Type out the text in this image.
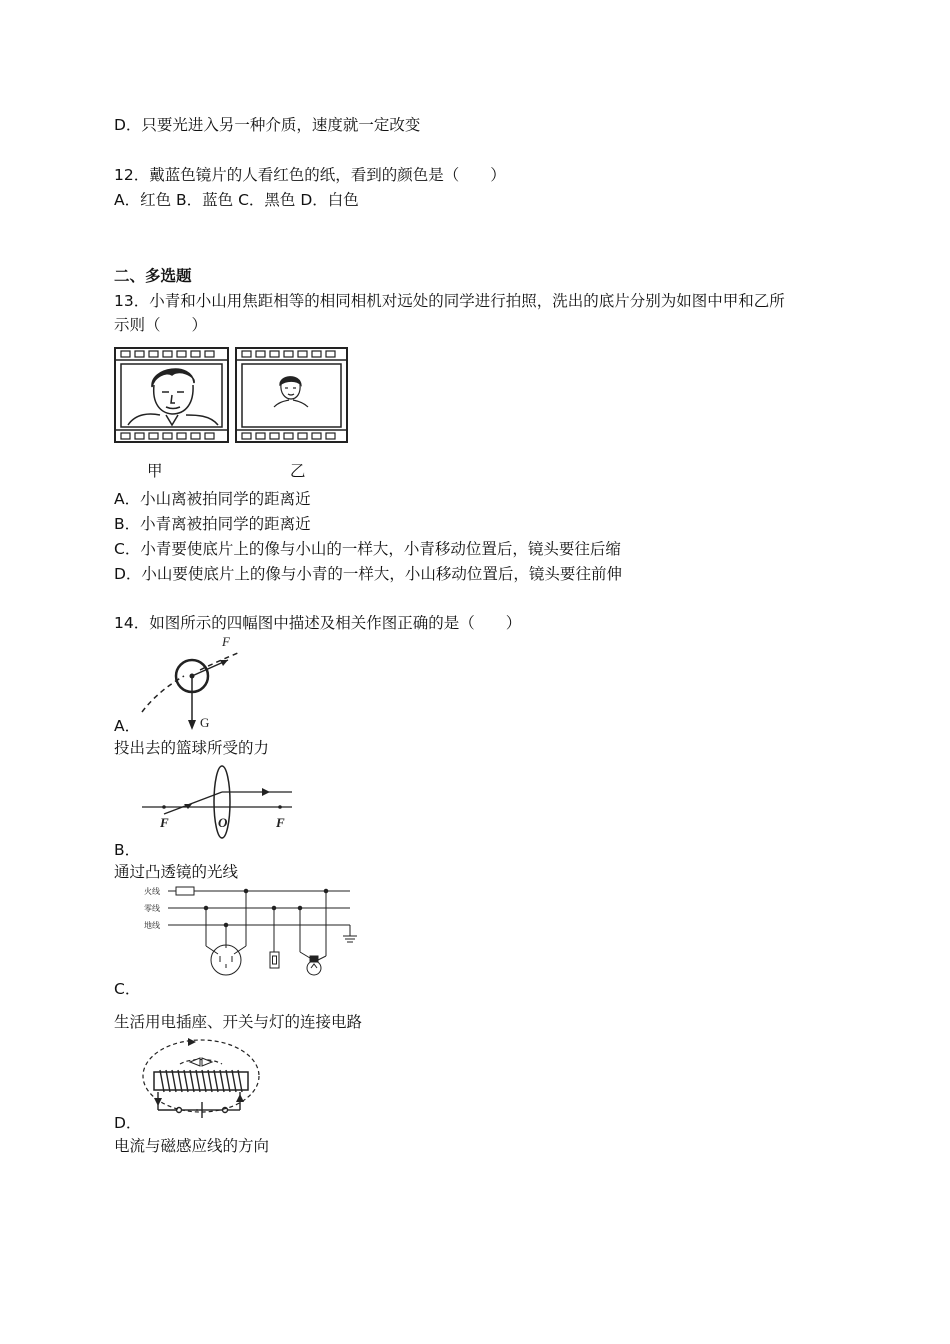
D．只要光进入另一种介质，速度就一定改变
12．戴蓝色镜片的人看红色的纸，看到的颜色是（　　）
A．红色 B．蓝色 C．黑色 D．白色
二、多选题
13．小青和小山用焦距相等的相同相机对远处的同学进行拍照，洗出的底片分别为如图中甲和乙所
示则（　　）
甲	乙
A．小山离被拍同学的距离近
B．小青离被拍同学的距离近
C．小青要使底片上的像与小山的一样大，小青移动位置后，镜头要往后缩
D．小山要使底片上的像与小青的一样大，小山移动位置后，镜头要往前伸
14．如图所示的四幅图中描述及相关作图正确的是（　　）
F
G
A．
投出去的篮球所受的力
F	O	F
B．
通过凸透镜的光线
火线
零线
地线
C．
生活用电插座、开关与灯的连接电路
D．
电流与磁感应线的方向
